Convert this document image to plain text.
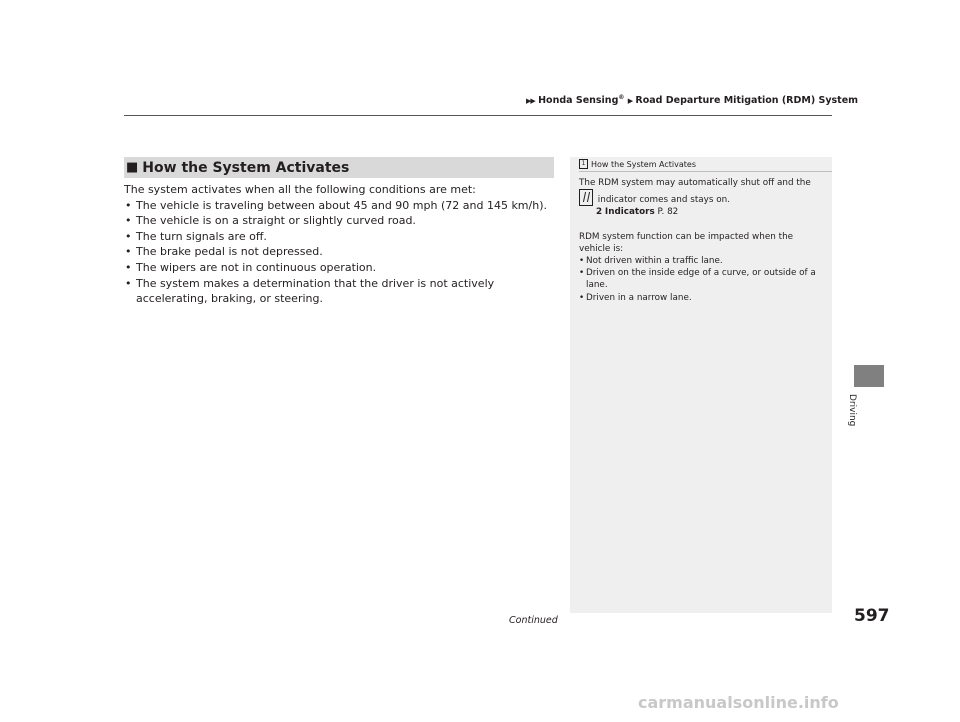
▶▶ Honda Sensing® ▶ Road Departure Mitigation (RDM) System
■ How the System Activates
The system activates when all the following conditions are met:
• The vehicle is traveling between about 45 and 90 mph (72 and 145 km/h).
• The vehicle is on a straight or slightly curved road.
• The turn signals are off.
• The brake pedal is not depressed.
• The wipers are not in continuous operation.
• The system makes a determination that the driver is not actively accelerating, braking, or steering.
1 How the System Activates

The RDM system may automatically shut off and the

indicator comes and stays on.

2 Indicators P. 82

RDM system function can be impacted when the vehicle is:

• Not driven within a traffic lane.
• Driven on the inside edge of a curve, or outside of a lane.
• Driven in a narrow lane.
Driving
Continued	597
carmanualsonline.info
